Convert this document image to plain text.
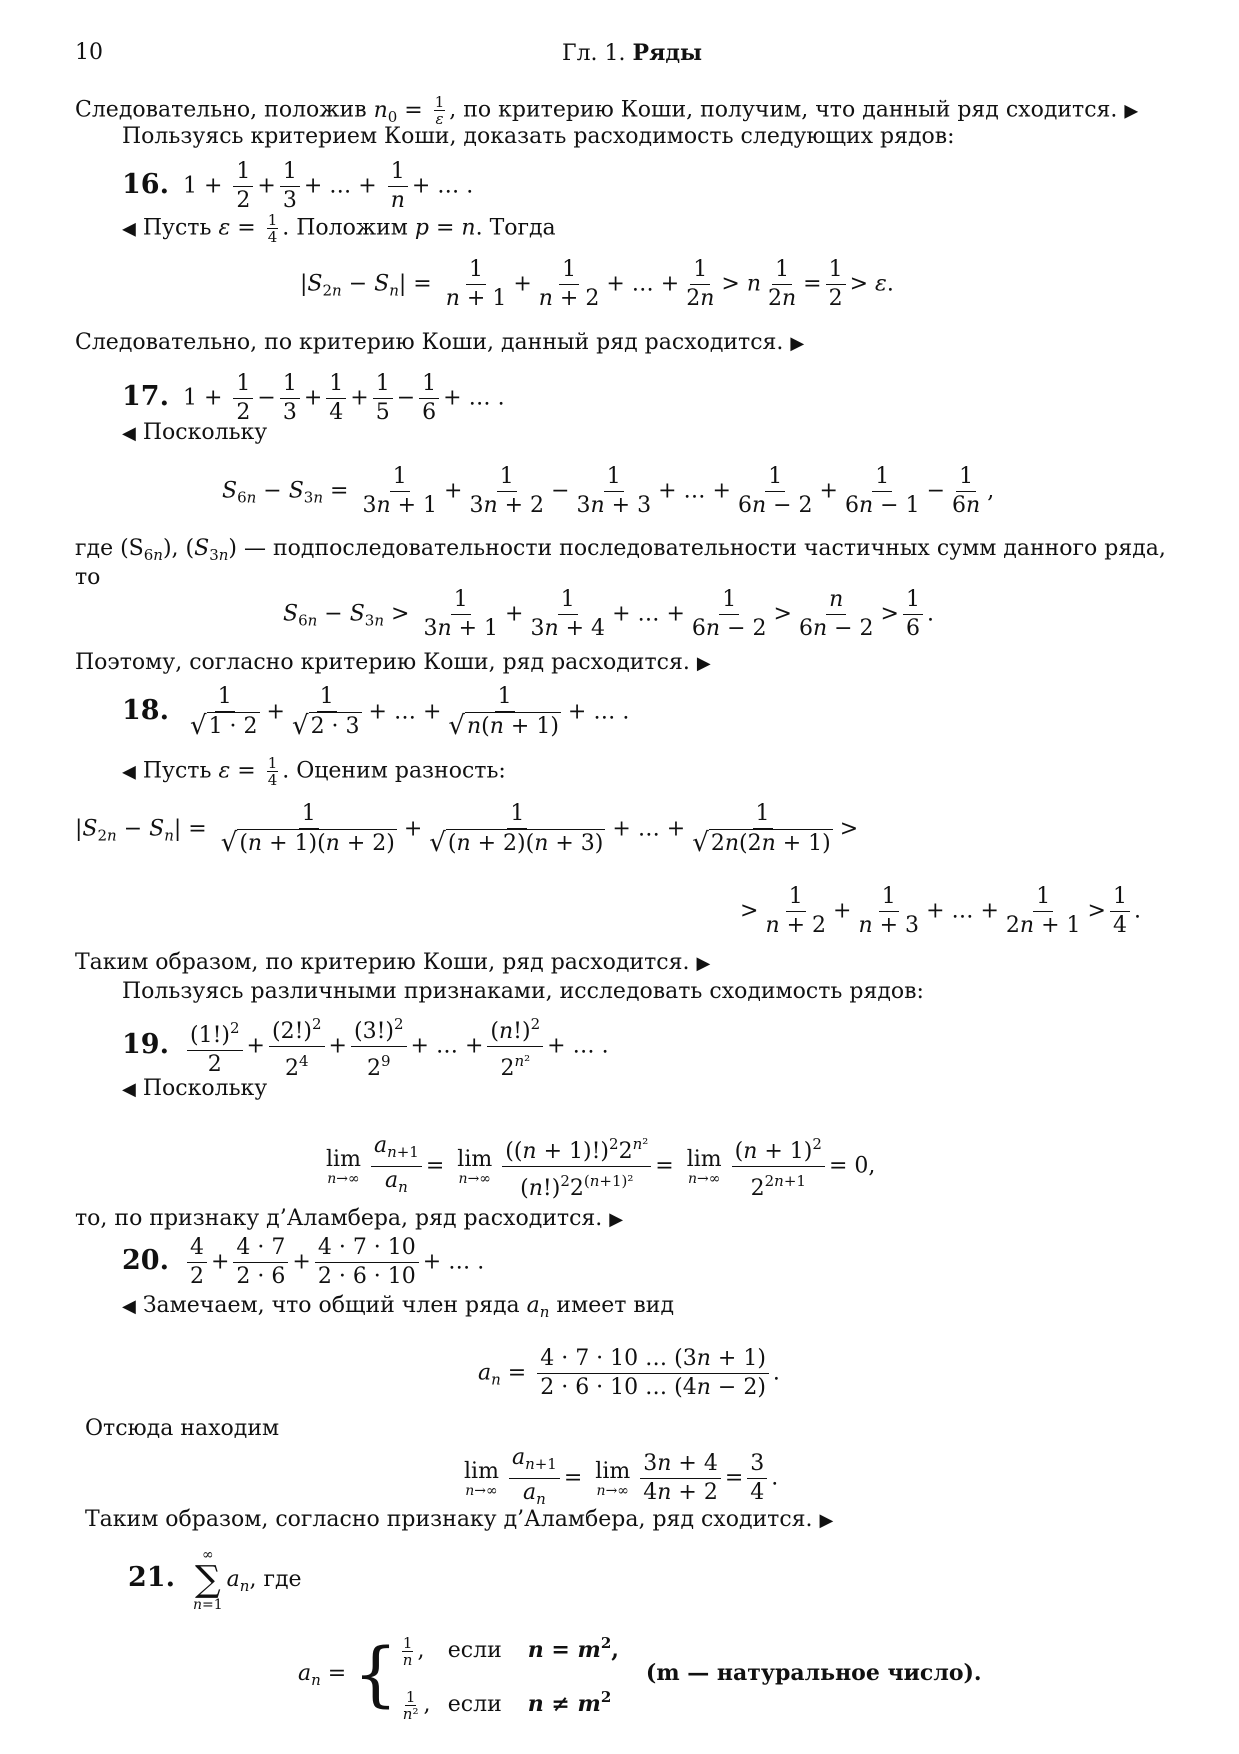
10	Гл. 1. Ряды
Следовательно, положив $n_0 = \frac{1}{\varepsilon}$ , по критерию Коши, получим, что данный ряд сходится. ▶
Пользуясь критерием Коши, доказать расходимость следующих рядов:
16. $1 + \frac{1}{2} + \frac{1}{3}$ + … + $\frac{1}{n}$ + … .
◀ Пусть $\varepsilon = \frac{1}{4}$ . Положим p = n. Тогда
$|S_{2n} - S_n| = \frac{1}{n + 1} + \frac{1}{n + 2}$ + … + $\frac{1}{2n} > n \frac{1}{2n} = \frac{1}{2} > \varepsilon$.
Следовательно, по критерию Коши, данный ряд расходится. ▶
17. $1 + \frac{1}{2} - \frac{1}{3} + \frac{1}{4} + \frac{1}{5} - \frac{1}{6}$ + … .
◀ Поскольку
$S_{6n} - S_{3n} = \frac{1}{3n + 1} + \frac{1}{3n + 2} - \frac{1}{3n + 3}$ + … + $\frac{1}{6n - 2} + \frac{1}{6n - 1} - \frac{1}{6n}$ ,
где $(S_{6n})$, $(S_{3n})$ — подпоследовательности последовательности частичных сумм данного ряда,
то
$S_{6n} - S_{3n} > \frac{1}{3n + 1} + \frac{1}{3n + 4}$ + … + $\frac{1}{6n - 2} > \frac{n}{6n - 2} > \frac{1}{6}$ .
Поэтому, согласно критерию Коши, ряд расходится. ▶
18. $\frac{1}{√ 1 \cdot 2} + \frac{1}{√ 2 \cdot 3}$ + … + $\frac{1}{√ n(n + 1)}$ + … .
◀ Пусть $\varepsilon = \frac{1}{4}$ . Оценим разность:
$|S_{2n} - S_n| = \frac{1}{√ (n + 1)(n + 2)} + \frac{1}{√ (n + 2)(n + 3)}$ + … + $\frac{1}{√ 2n(2n + 1)}$ >
> $\frac{1}{n + 2} + \frac{1}{n + 3}$ + … + $\frac{1}{2n + 1} > \frac{1}{4}$ .
Таким образом, по критерию Коши, ряд расходится. ▶
Пользуясь различными признаками, исследовать сходимость рядов:
19. $\frac{(1!)^2}{2} + \frac{(2!)^2}{2^4} + \frac{(3!)^2}{2^9}$ + … + $\frac{(n!)^2}{2^{n^2}}$ + … .
◀ Поскольку
lim
$n\to\infty \frac{a_{n+1}}{a_n} = \lim$
$n\to\infty \frac{((n + 1)!)^22^{n^2}}{(n!)^22^{(n+1)^2}} = \lim$
$n\to\infty \frac{(n + 1)^2}{2^{2n+1}} = 0$,
то, по признаку д’Аламбера, ряд расходится. ▶
20. $\frac{4}{2} + \frac{4 \cdot 7}{2 \cdot 6} + \frac{4 \cdot 7 \cdot 10}{2 \cdot 6 \cdot 10}$ + … .
◀ Замечаем, что общий член ряда $a_n$ имеет вид
$a_n = \frac{4 \cdot 7 \cdot 10 \dots (3n + 1)}{2 \cdot 6 \cdot 10 \dots (4n - 2)}$ .
Отсюда находим
lim
$n\to\infty \frac{a_{n+1}}{a_n} = \lim$
$n\to\infty \frac{3n + 4}{4n + 2} = \frac{3}{4}$ .
Таким образом, согласно признаку д’Аламбера, ряд сходится. ▶
21.
∞
∑
n=1
$a_n$, где
$a_n$ = { $\frac{1}{n}$ , если $n = m^2$,
$\frac{1}{\text{n²}}$ , если $n \ne m^2$
(m — натуральное число).
